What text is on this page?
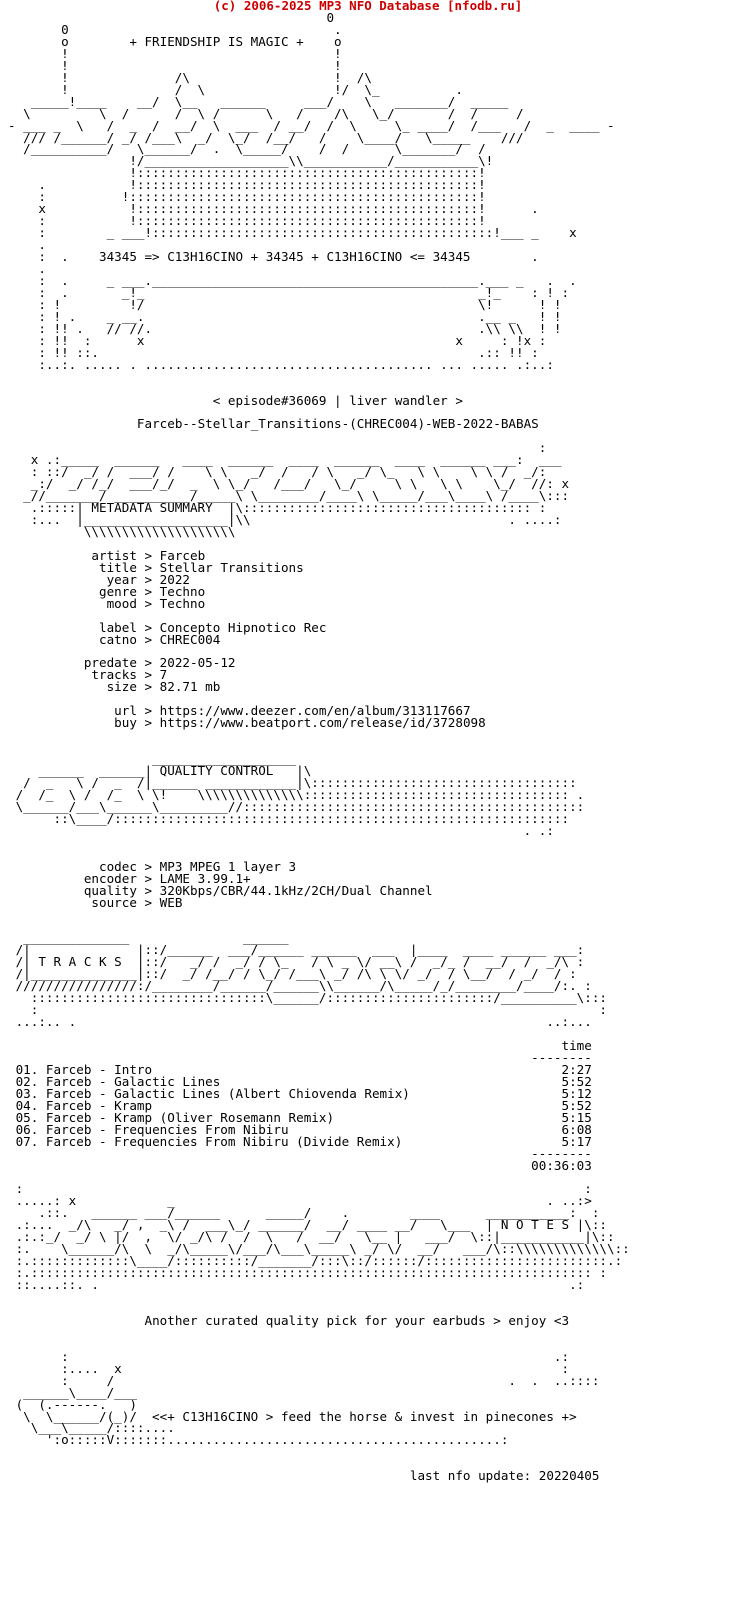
(c) 2006-2025 MP3 NFO Database [nfodb.ru]
0
0                                   .
o        + FRIENDSHIP IS MAGIC +    o
!                                   !
!                                   !
!              /\                   !  /\
!              /  \                 !/  \_          .
_____!____    __/  \__   ______     ___/    \   _______/  _____
\         \  /      /  \ /      \   /    /\   \_/       /  /     /
- ___ _  \   /  _  /  __/  \  ___  / __/  /  \     \_ ____/  /___   /  _  ____ -
/// /______/ _/ /___\  _/  \_/  /__/   /    \____/   \_____    ///
/__________/   \______/  .  \_____/    /  /      \_______/  /
!/___________________\\___________/___________\!
!:::::::::::::::::::::::::::::::::::::::::::::!
.           !:::::::::::::::::::::::::::::::::::::::::::::!
:          !::::::::::::::::::::::::::::::::::::::::::::::!
x           !:::::::::::::::::::::::::::::::::::::::::::::!      .
:           !:::::::::::::::::::::::::::::::::::::::::::::!
:        _ ___!:::::::::::::::::::::::::::::::::::::::::::::!___ _    x
.
:  .    34345 => C13H16CINO + 34345 + C13H16CINO <= 34345        .
.
:  .     _ ___.___________________________________________.___ _   .  .
:  .       _!_                                            _!_    : ! :
: !         !/                                            \!      ! !
: ! .    _ __.                                            .__ _   ! !
: !! .   // //.                                           .\\ \\  ! !
: !!  :      x                                         x     : !x :
: !! ::.                                                  .:: !! :
:..:. ..... . ...................................... ... ..... .:..:

< episode#36069 | liver wandler >

Farceb--Stellar_Transitions-(CHREC004)-WEB-2022-BABAS

:
x .:_____  ______   ____  ______  ____  ______  ____  ______ ___:  ___
: ::/  _/ /  ___/ /    \ \   _/  /   / \   _/ \_   \ \    \ \ /  _/:
_:/  _/ /_/  ___/_/  _  \ \_/   /___/   \_/     \ \   \ \    \_/  //: x
_//_______/ __________/_____\ \________/____\ \_____/___\____\ /____\:::
.:::::| METADATA SUMMARY  |\:::::::::::::::::::::::::::::::::::::: :
:...  |___________________|\\                                  . ....:
\\\\\\\\\\\\\\\\\\\\

artist > Farceb
title > Stellar Transitions
year > 2022
genre > Techno
mood > Techno

label > Concepto Hipnotico Rec
catno > CHREC004

predate > 2022-05-12
tracks > 7
size > 82.71 mb

url > https://www.deezer.com/en/album/313117667
buy > https://www.beatport.com/release/id/3728098

___________________
______  ______| QUALITY CONTROL   |\
/  _   \ /  _  /|______ ____________|\:::::::::::::::::::::::::::::::::::
/  /_  \ /  /_  \ \!    \\\\\\\\\\\\\\::::::::::::::::::::::::::::::::::: .
\______/___\______\_________//:::::::::::::::::::::::::::::::::::::::::::::
::\____/::::::::::::::::::::::::::::::::::::::::::::::::::::::::::::
. .:

codec > MP3 MPEG 1 layer 3
encoder > LAME 3.99.1+
quality > 320Kbps/CBR/44.1kHz/2CH/Dual Channel
source > WEB

______________               ______
/|              |::/______  ___/______ ______  ___  |____  ____ ______ ___:
/| T R A C K S  |::/   _/ /  _/ / \_   / \ _ \/ __\ /  _/_ /  __/  /  _/\ :
/|______________|::/  _/ /__/ / \_/ /___\ _/ /\ \ \/ _/  / \__/  / _/  / :
////////////////:/________/______/______\\______/\_____/_/________/____/:. :
:::::::::::::::::::::::::::::::\______/::::::::::::::::::::::/__________\:::
:                                                                          :
...:.. .                                                              ..:...

time
--------
01. Farceb - Intro	2:27
02. Farceb - Galactic Lines	5:52
03. Farceb - Galactic Lines (Albert Chiovenda Remix)	5:12
04. Farceb - Kramp	5:52
05. Farceb - Kramp (Oliver Rosemann Remix)	5:15
06. Farceb - Frequencies From Nibiru	6:08
07. Farceb - Frequencies From Nibiru (Divide Remix)	5:17
--------
00:36:03

:                                                                          :
.....: x            _                                                 . ..:>
.::.   ______ ___/______      _____/    .        ____      ___________:  :
.:...  _/\   _/ ,  _\ /  ___\_/ ______/  __/ ____ __/   \___  | N O T E S |\::
.:.:_/  _/ \ |/  ,  \/ _/\ /  /  \   /  __/   \__ |   ___/  \::|___________|\::
:.    \______/\  \  _/\_____\/___/\___\_____\ _/ \/  __/   ___/\::\\\\\\\\\\\\\::
:.:::::::::::::\____/::::::::::/_______/:::\::/::::::/::::::::::::::::::::::::.:
:.:::::::::::::::::::::::::::::::::::::::::::::::::::::::::::::::::::::::::: :
::....::. .                                                              .:

Another curated quality pick for your earbuds > enjoy <3

:                                                                .:
:....  x                                                          :
:     /                                                    .  .  ..::::
______\____/___
(  (.------.   )
\  \______/(_)/  <<+ C13H16CINO > feed the horse & invest in pinecones +>
\___\_____/::::....
':o:::::V:::::::............................................:

last nfo update: 20220405
